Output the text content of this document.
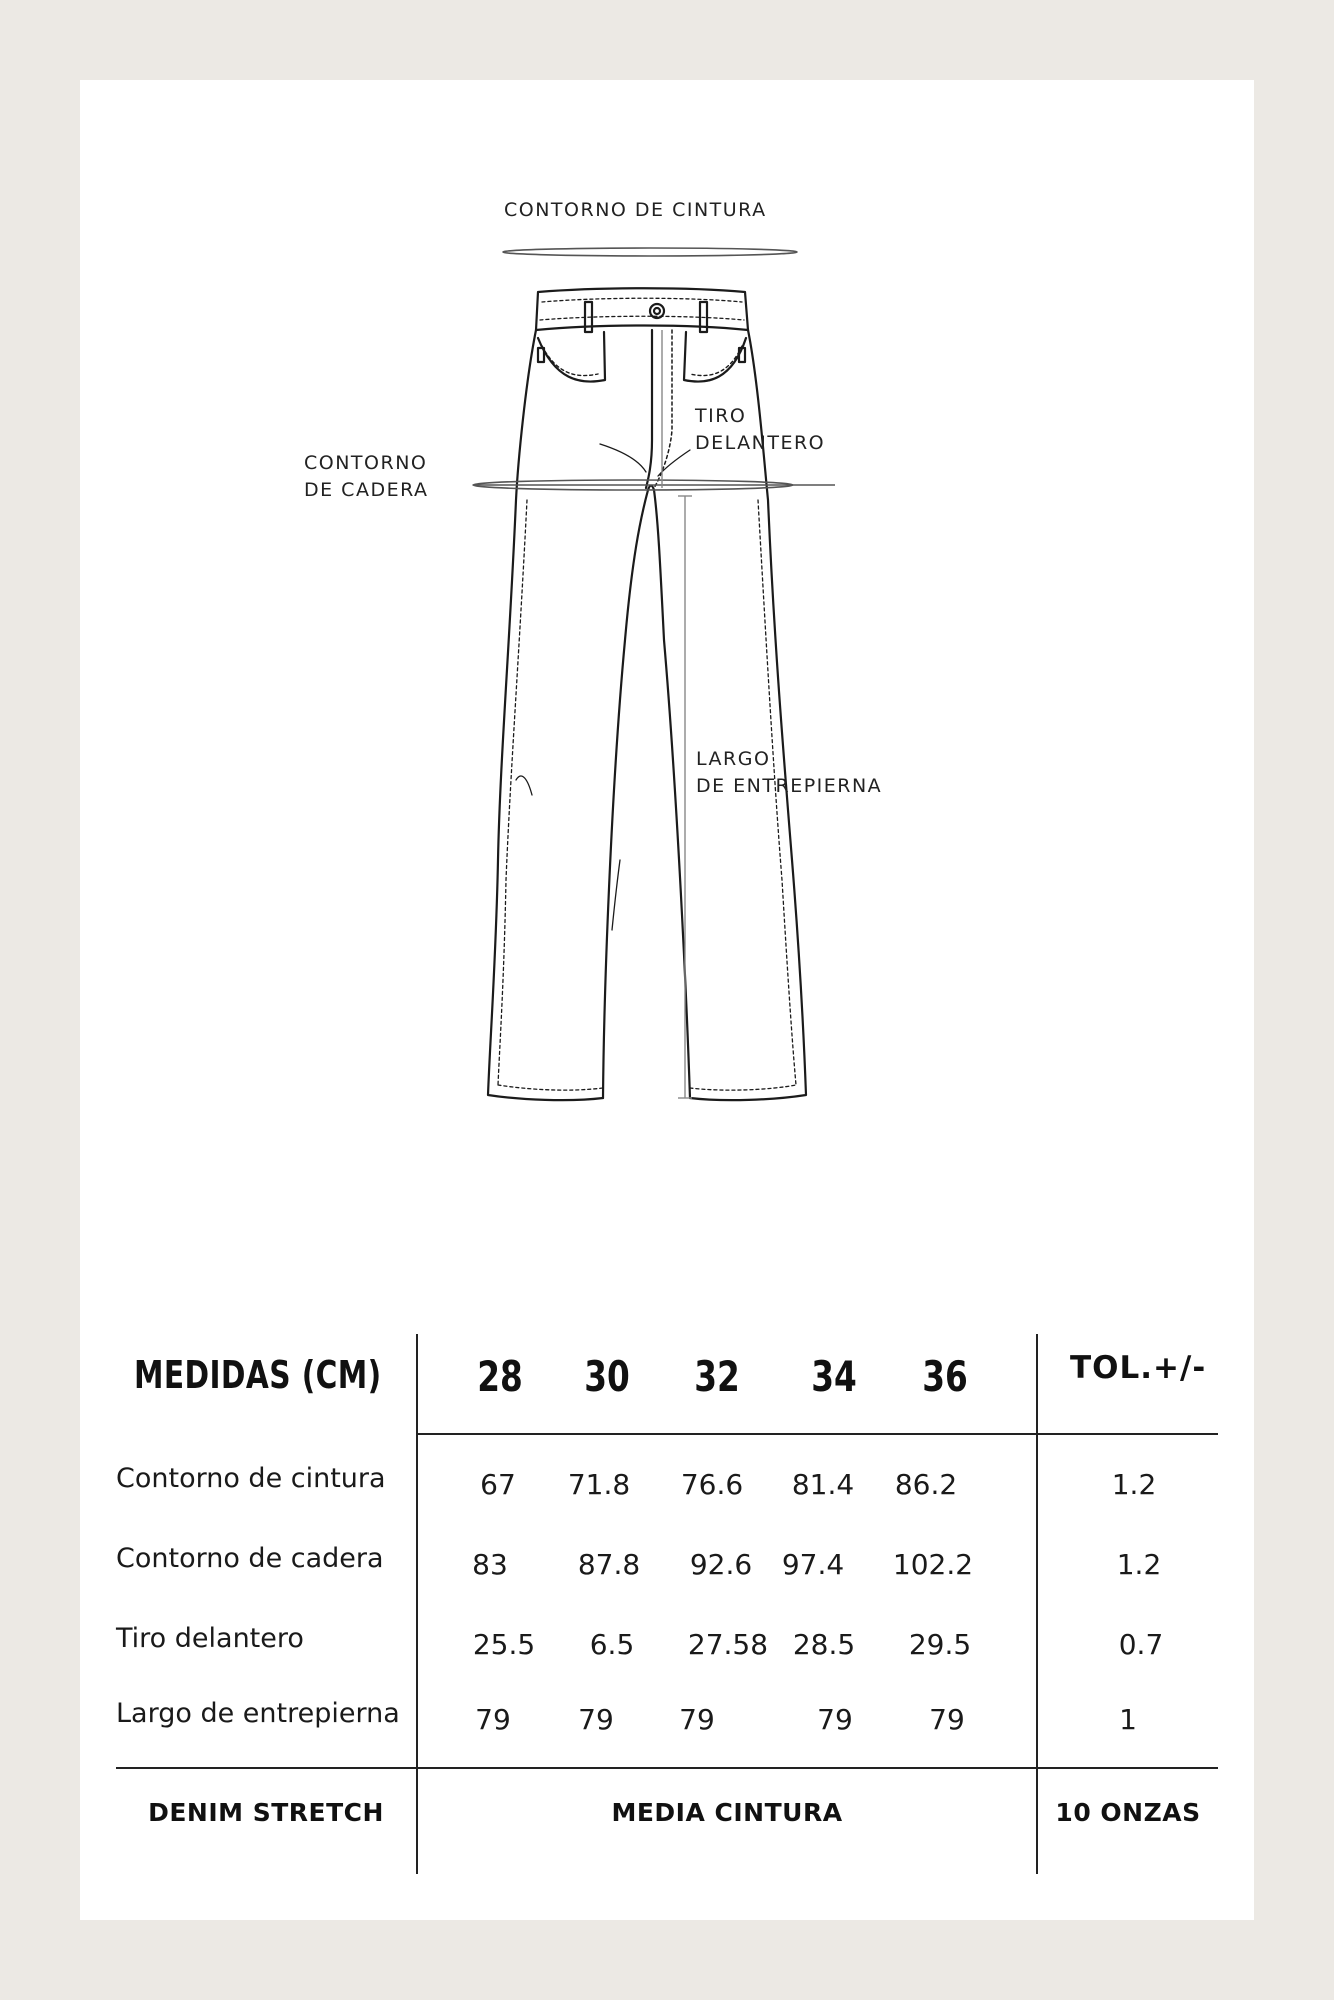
CONTORNO DE CINTURA
CONTORNO
DE CADERA
TIRO
DELANTERO
LARGO
DE ENTREPIERNA
MEDIDAS (CM) 28 30 32 34 36	TOL.+/-
Contorno de cintura	67	71.8	76.6	81.4	86.2	1.2
Contorno de cadera	83	87.8	92.6	97.4	102.2	1.2
Tiro delantero	25.5	6.5	27.58 28.5	29.5	0.7
Largo de entrepierna	79	79	79	79	79	1
DENIM STRETCH	MEDIA CINTURA	10 ONZAS
